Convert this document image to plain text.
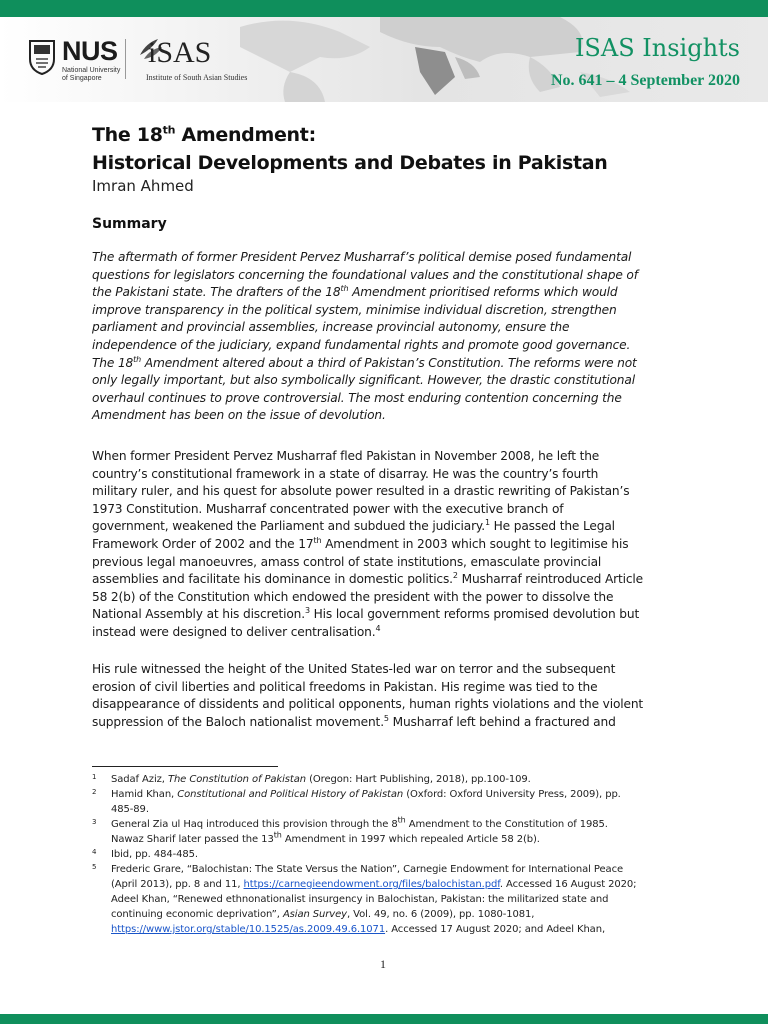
NUS
National University
of Singapore
iSAS
Institute of South Asian Studies
ISAS Insights
No. 641 – 4 September 2020
The 18th Amendment:
Historical Developments and Debates in Pakistan
Imran Ahmed
Summary
The aftermath of former President Pervez Musharraf’s political demise posed fundamental
questions for legislators concerning the foundational values and the constitutional shape of
the Pakistani state. The drafters of the 18th Amendment prioritised reforms which would
improve transparency in the political system, minimise individual discretion, strengthen
parliament and provincial assemblies, increase provincial autonomy, ensure the
independence of the judiciary, expand fundamental rights and promote good governance.
The 18th Amendment altered about a third of Pakistan’s Constitution. The reforms were not
only legally important, but also symbolically significant. However, the drastic constitutional
overhaul continues to prove controversial. The most enduring contention concerning the
Amendment has been on the issue of devolution.
When former President Pervez Musharraf fled Pakistan in November 2008, he left the
country’s constitutional framework in a state of disarray. He was the country’s fourth
military ruler, and his quest for absolute power resulted in a drastic rewriting of Pakistan’s
1973 Constitution. Musharraf concentrated power with the executive branch of
government, weakened the Parliament and subdued the judiciary.$^1$ He passed the Legal
Framework Order of 2002 and the 17th Amendment in 2003 which sought to legitimise his
previous legal manoeuvres, amass control of state institutions, emasculate provincial
assemblies and facilitate his dominance in domestic politics.$^2$ Musharraf reintroduced Article
58 2(b) of the Constitution which endowed the president with the power to dissolve the
National Assembly at his discretion.$^3$ His local government reforms promised devolution but
instead were designed to deliver centralisation.$^4$
His rule witnessed the height of the United States-led war on terror and the subsequent
erosion of civil liberties and political freedoms in Pakistan. His regime was tied to the
disappearance of dissidents and political opponents, human rights violations and the violent
suppression of the Baloch nationalist movement.$^5$ Musharraf left behind a fractured and

1 Sadaf Aziz, The Constitution of Pakistan (Oregon: Hart Publishing, 2018), pp.100-109.

2 Hamid Khan, Constitutional and Political History of Pakistan (Oxford: Oxford University Press, 2009), pp.
485-89.

3 General Zia ul Haq introduced this provision through the 8th Amendment to the Constitution of 1985.
Nawaz Sharif later passed the 13th Amendment in 1997 which repealed Article 58 2(b).

4 Ibid, pp. 484-485.

5 Frederic Grare, “Balochistan: The State Versus the Nation”, Carnegie Endowment for International Peace
(April 2013), pp. 8 and 11, https://carnegieendowment.org/files/balochistan.pdf. Accessed 16 August 2020;
Adeel Khan, “Renewed ethnonationalist insurgency in Balochistan, Pakistan: the militarized state and
continuing economic deprivation”, Asian Survey, Vol. 49, no. 6 (2009), pp. 1080-1081,
https://www.jstor.org/stable/10.1525/as.2009.49.6.1071. Accessed 17 August 2020; and Adeel Khan,

1
